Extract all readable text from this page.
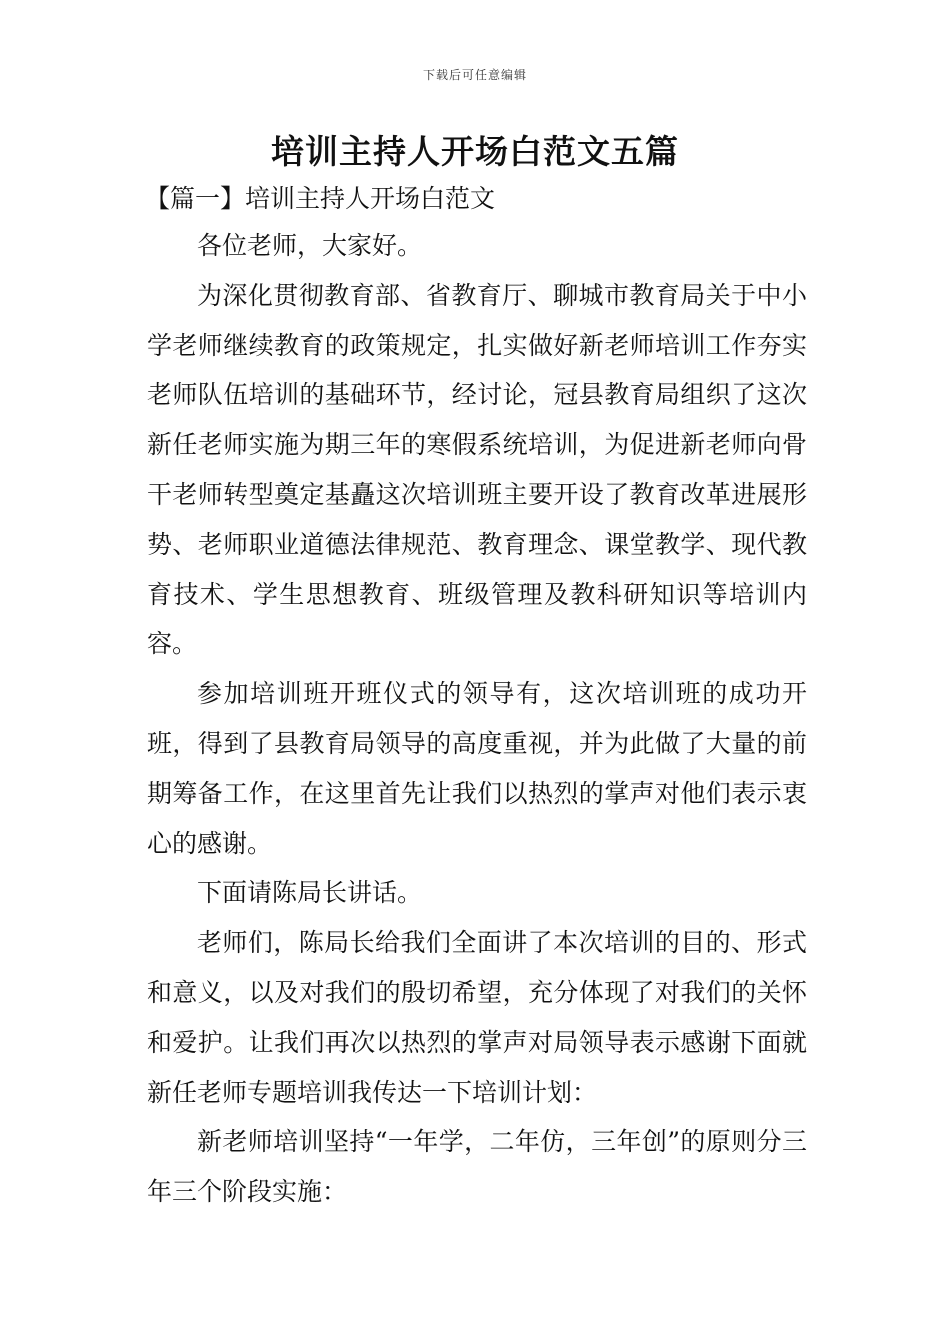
下载后可任意编辑
培训主持人开场白范文五篇
【篇一】培训主持人开场白范文

各位老师，大家好。

为深化贯彻教育部、省教育厅、聊城市教育局关于中小学老师继续教育的政策规定，扎实做好新老师培训工作夯实老师队伍培训的基础环节，经讨论，冠县教育局组织了这次新任老师实施为期三年的寒假系统培训，为促进新老师向骨干老师转型奠定基矗这次培训班主要开设了教育改革进展形势、老师职业道德法律规范、教育理念、课堂教学、现代教育技术、学生思想教育、班级管理及教科研知识等培训内容。

参加培训班开班仪式的领导有，这次培训班的成功开班，得到了县教育局领导的高度重视，并为此做了大量的前期筹备工作，在这里首先让我们以热烈的掌声对他们表示衷心的感谢。

下面请陈局长讲话。

老师们，陈局长给我们全面讲了本次培训的目的、形式和意义，以及对我们的殷切希望，充分体现了对我们的关怀和爱护。让我们再次以热烈的掌声对局领导表示感谢下面就新任老师专题培训我传达一下培训计划：

新老师培训坚持“一年学，二年仿，三年创”的原则分三年三个阶段实施：
